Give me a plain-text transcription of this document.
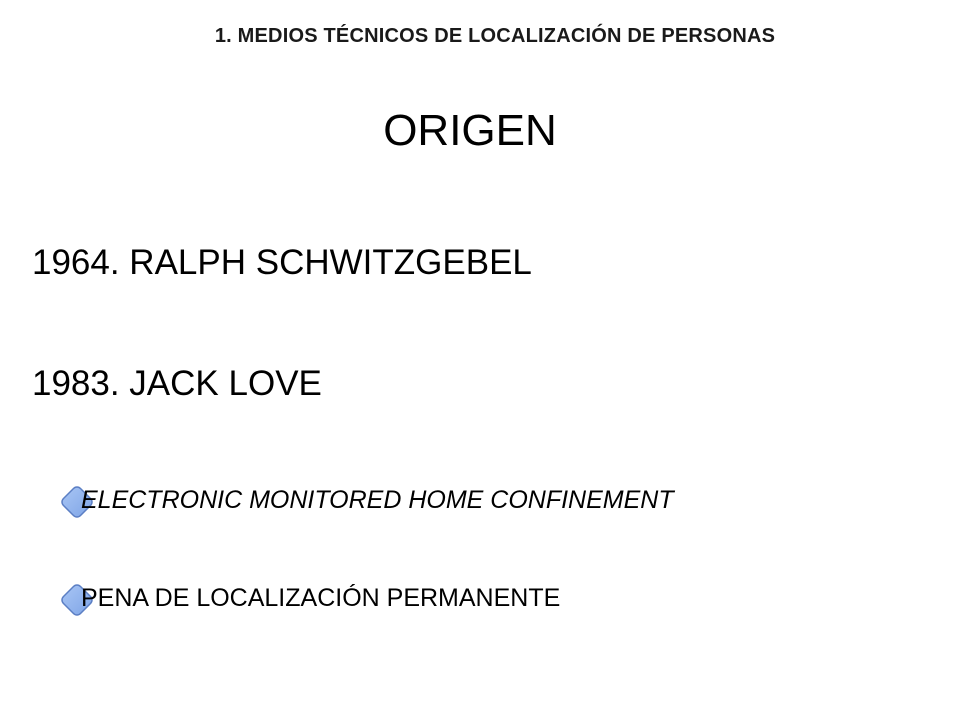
1. MEDIOS TÉCNICOS DE LOCALIZACIÓN DE PERSONAS
ORIGEN
1964. RALPH SCHWITZGEBEL
1983. JACK LOVE
ELECTRONIC MONITORED HOME CONFINEMENT
PENA DE LOCALIZACIÓN PERMANENTE
